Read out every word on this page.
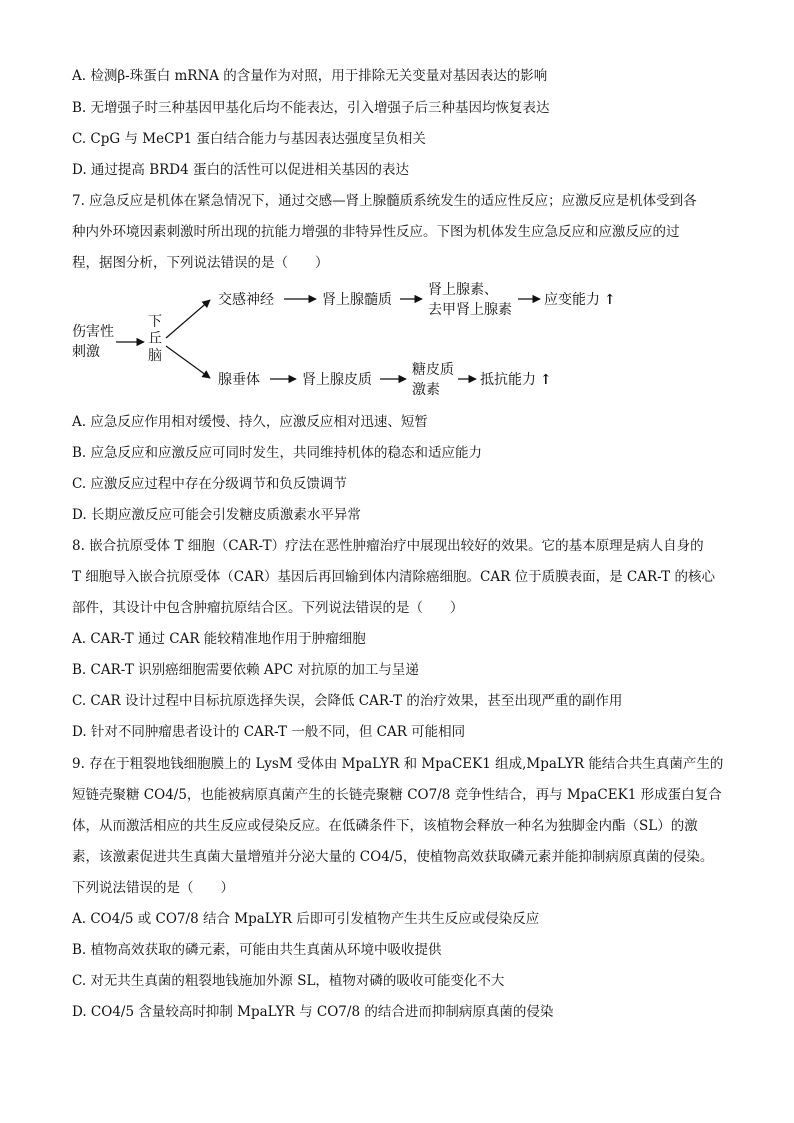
A. 检测β-珠蛋白 mRNA 的含量作为对照，用于排除无关变量对基因表达的影响
B. 无增强子时三种基因甲基化后均不能表达，引入增强子后三种基因均恢复表达
C. CpG 与 MeCP1 蛋白结合能力与基因表达强度呈负相关
D. 通过提高 BRD4 蛋白的活性可以促进相关基因的表达
7. 应急反应是机体在紧急情况下，通过交感—肾上腺髓质系统发生的适应性反应；应激反应是机体受到各
种内外环境因素刺激时所出现的抗能力增强的非特异性反应。下图为机体发生应急反应和应激反应的过
程，据图分析，下列说法错误的是（　　）
伤害性
刺激
下
丘
脑
交感神经	肾上腺髓质
肾上腺素、
去甲肾上腺素
应变能力 ↑
腺垂体	肾上腺皮质
糖皮质
激素
抵抗能力 ↑
A. 应急反应作用相对缓慢、持久，应激反应相对迅速、短暂
B. 应急反应和应激反应可同时发生，共同维持机体的稳态和适应能力
C. 应激反应过程中存在分级调节和负反馈调节
D. 长期应激反应可能会引发糖皮质激素水平异常
8. 嵌合抗原受体 T 细胞（CAR-T）疗法在恶性肿瘤治疗中展现出较好的效果。它的基本原理是病人自身的
T 细胞导入嵌合抗原受体（CAR）基因后再回输到体内清除癌细胞。CAR 位于质膜表面，是 CAR-T 的核心
部件，其设计中包含肿瘤抗原结合区。下列说法错误的是（　　）
A. CAR-T 通过 CAR 能较精准地作用于肿瘤细胞
B. CAR-T 识别癌细胞需要依赖 APC 对抗原的加工与呈递
C. CAR 设计过程中目标抗原选择失误，会降低 CAR-T 的治疗效果，甚至出现严重的副作用
D. 针对不同肿瘤患者设计的 CAR-T 一般不同，但 CAR 可能相同
9. 存在于粗裂地钱细胞膜上的 LysM 受体由 MpaLYR 和 MpaCEK1 组成,MpaLYR 能结合共生真菌产生的
短链壳聚糖 CO4/5，也能被病原真菌产生的长链壳聚糖 CO7/8 竞争性结合，再与 MpaCEK1 形成蛋白复合
体，从而激活相应的共生反应或侵染反应。在低磷条件下，该植物会释放一种名为独脚金内酯（SL）的激
素，该激素促进共生真菌大量增殖并分泌大量的 CO4/5，使植物高效获取磷元素并能抑制病原真菌的侵染。
下列说法错误的是（　　）
A. CO4/5 或 CO7/8 结合 MpaLYR 后即可引发植物产生共生反应或侵染反应
B. 植物高效获取的磷元素，可能由共生真菌从环境中吸收提供
C. 对无共生真菌的粗裂地钱施加外源 SL，植物对磷的吸收可能变化不大
D. CO4/5 含量较高时抑制 MpaLYR 与 CO7/8 的结合进而抑制病原真菌的侵染
